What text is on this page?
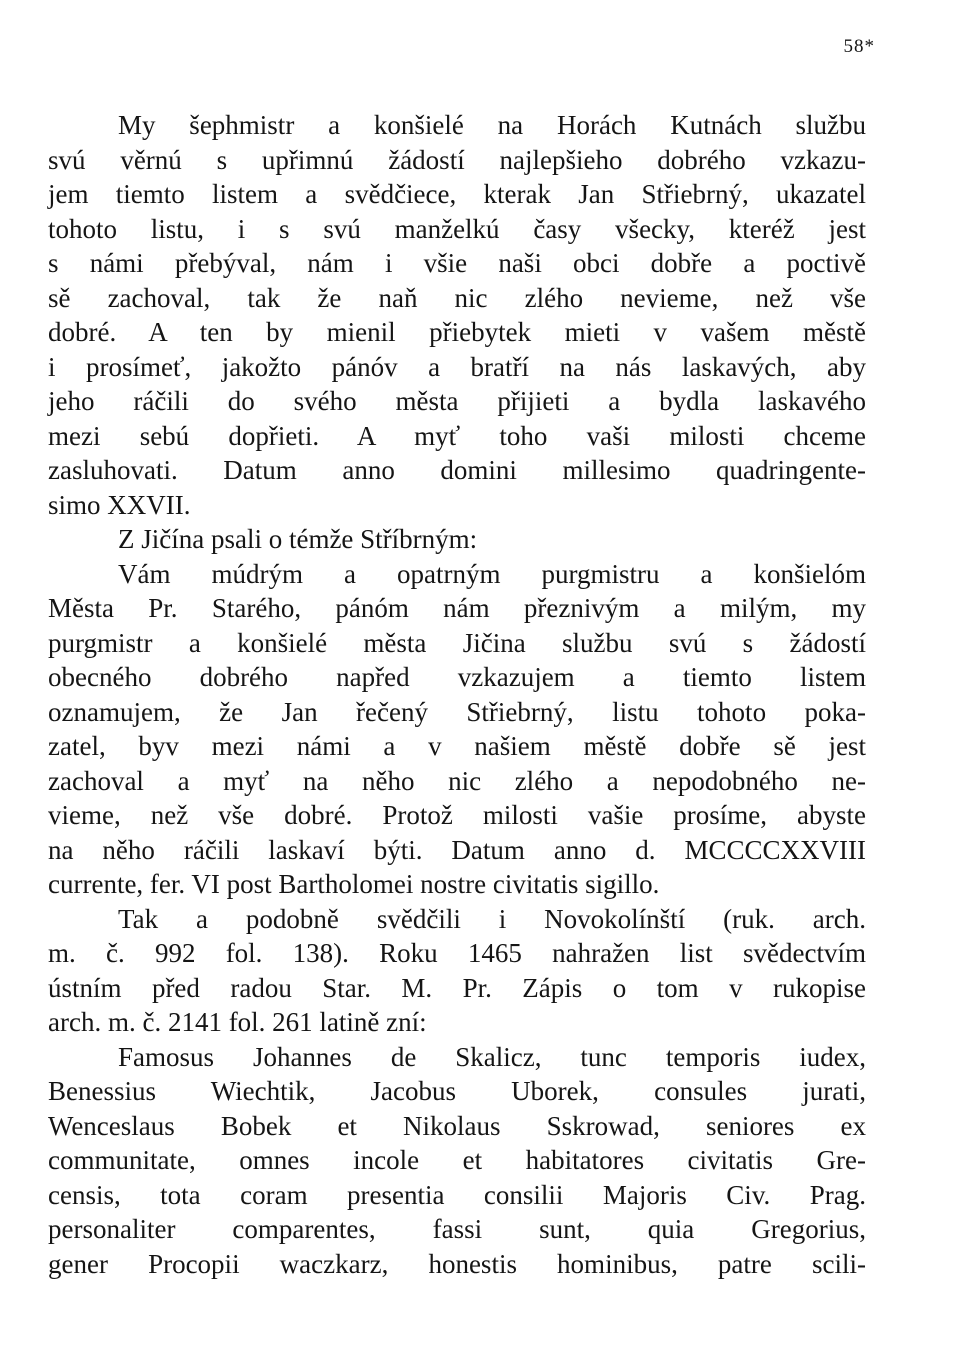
58*
My šephmistr a konšielé na Horách Kutnách službu
svú věrnú s upřimnú žádostí najlepšieho dobrého vzkazu-
jem tiemto listem a svědčiece, kterak Jan Střiebrný, ukazatel
tohoto listu, i s svú manželkú časy všecky, kteréž jest
s námi přebýval, nám i všie naši obci dobře a poctivě
sě zachoval, tak že naň nic zlého nevieme, než vše
dobré. A ten by mienil přiebytek mieti v vašem městě
i prosímeť, jakožto pánóv a bratří na nás laskavých, aby
jeho ráčili do svého města přijieti a bydla laskavého
mezi sebú dopřieti. A myť toho vaši milosti chceme
zasluhovati. Datum anno domini millesimo quadringente-
simo XXVII.
Z Jičína psali o témže Stříbrným:
Vám múdrým a opatrným purgmistru a konšielóm
Města Pr. Starého, pánóm nám přeznivým a milým, my
purgmistr a konšielé města Jičina službu svú s žádostí
obecného dobrého napřed vzkazujem a tiemto listem
oznamujem, že Jan řečený Střiebrný, listu tohoto poka-
zatel, byv mezi námi a v našiem městě dobře sě jest
zachoval a myť na něho nic zlého a nepodobného ne-
vieme, než vše dobré. Protož milosti vašie prosíme, abyste
na něho ráčili laskaví býti. Datum anno d. MCCCCXXVIII
currente, fer. VI post Bartholomei nostre civitatis sigillo.
Tak a podobně svědčili i Novokolínští (ruk. arch.
m. č. 992 fol. 138). Roku 1465 nahražen list svědectvím
ústním před radou Star. M. Pr. Zápis o tom v rukopise
arch. m. č. 2141 fol. 261 latině zní:
Famosus Johannes de Skalicz, tunc temporis iudex,
Benessius Wiechtik, Jacobus Uborek, consules jurati,
Wenceslaus Bobek et Nikolaus Sskrowad, seniores ex
communitate, omnes incole et habitatores civitatis Gre-
censis, tota coram presentia consilii Majoris Civ. Prag.
personaliter comparentes, fassi sunt, quia Gregorius,
gener Procopii waczkarz, honestis hominibus, patre scili-
